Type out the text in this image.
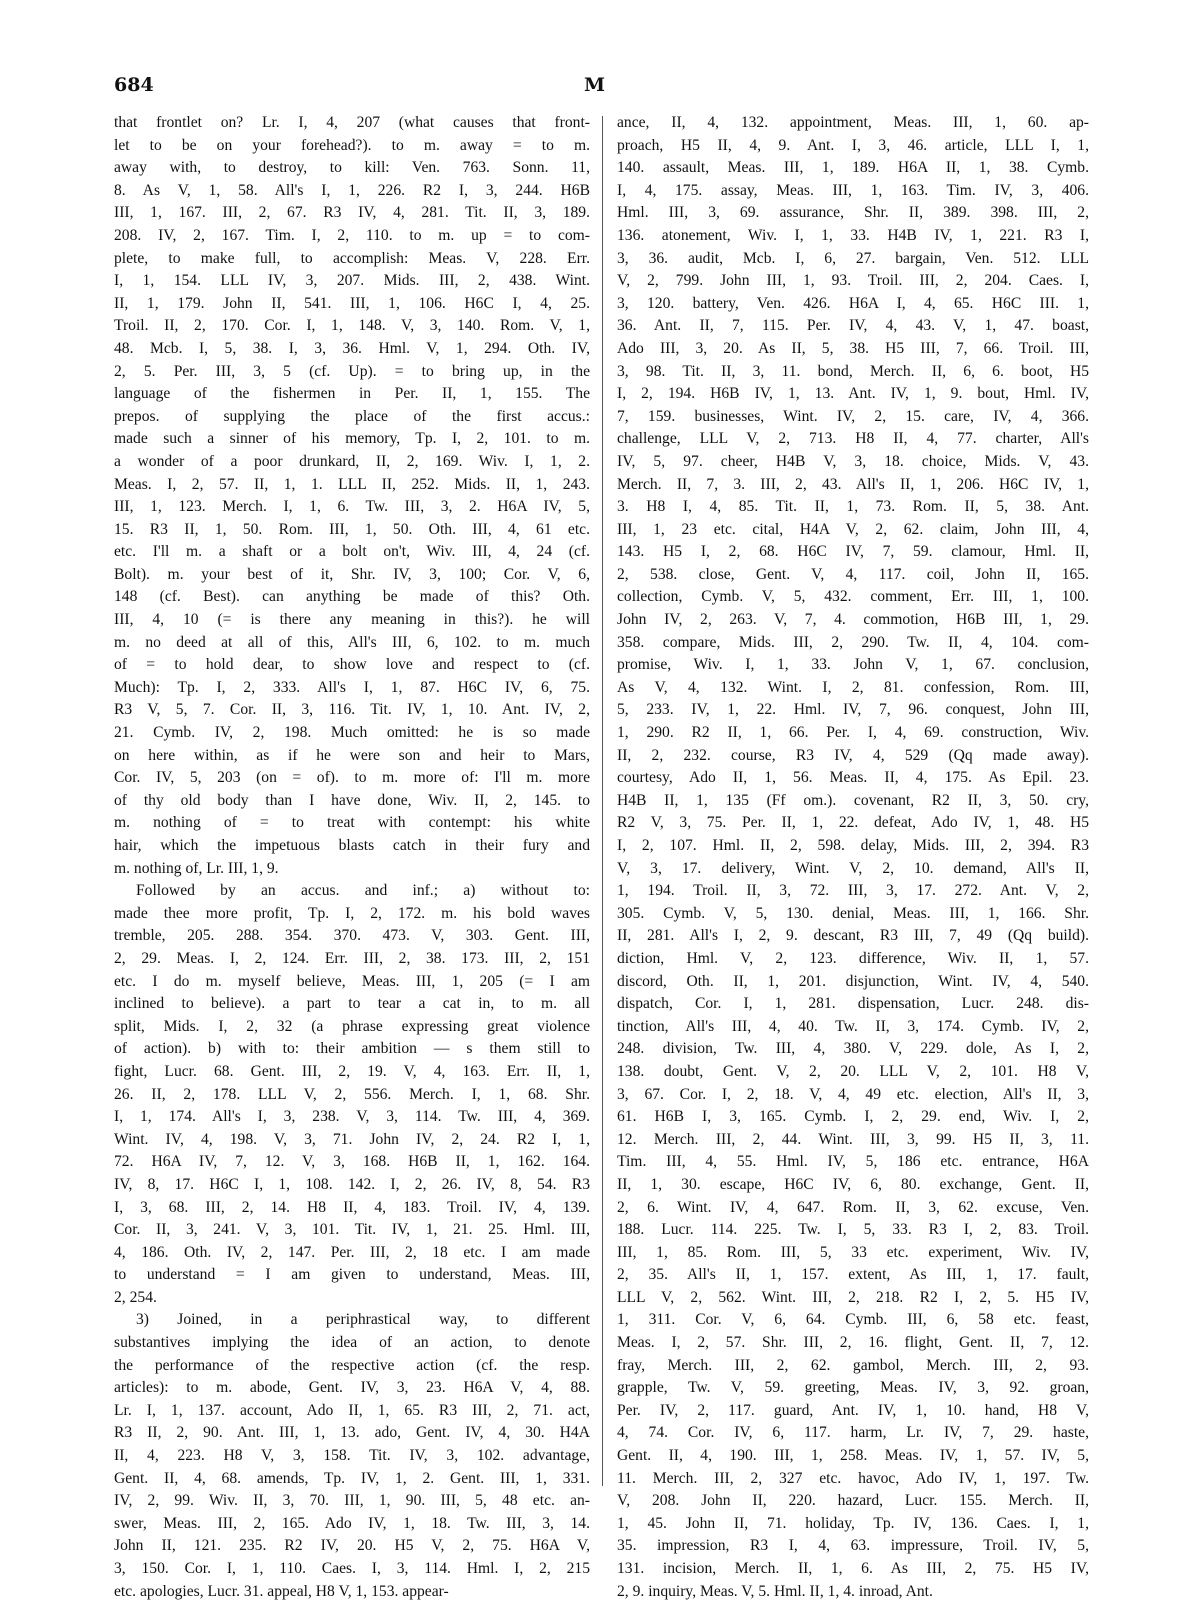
684	M
that frontlet on? Lr. I, 4, 207 (what causes that front-
let to be on your forehead?). to m. away = to m.
away with, to destroy, to kill: Ven. 763. Sonn. 11,
8. As V, 1, 58. All's I, 1, 226. R2 I, 3, 244. H6B
III, 1, 167. III, 2, 67. R3 IV, 4, 281. Tit. II, 3, 189.
208. IV, 2, 167. Tim. I, 2, 110. to m. up = to com-
plete, to make full, to accomplish: Meas. V, 228. Err.
I, 1, 154. LLL IV, 3, 207. Mids. III, 2, 438. Wint.
II, 1, 179. John II, 541. III, 1, 106. H6C I, 4, 25.
Troil. II, 2, 170. Cor. I, 1, 148. V, 3, 140. Rom. V, 1,
48. Mcb. I, 5, 38. I, 3, 36. Hml. V, 1, 294. Oth. IV,
2, 5. Per. III, 3, 5 (cf. Up). = to bring up, in the
language of the fishermen in Per. II, 1, 155. The
prepos. of supplying the place of the first accus.:
made such a sinner of his memory, Tp. I, 2, 101. to m.
a wonder of a poor drunkard, II, 2, 169. Wiv. I, 1, 2.
Meas. I, 2, 57. II, 1, 1. LLL II, 252. Mids. II, 1, 243.
III, 1, 123. Merch. I, 1, 6. Tw. III, 3, 2. H6A IV, 5,
15. R3 II, 1, 50. Rom. III, 1, 50. Oth. III, 4, 61 etc.
etc. I'll m. a shaft or a bolt on't, Wiv. III, 4, 24 (cf.
Bolt). m. your best of it, Shr. IV, 3, 100; Cor. V, 6,
148 (cf. Best). can anything be made of this? Oth.
III, 4, 10 (= is there any meaning in this?). he will
m. no deed at all of this, All's III, 6, 102. to m. much
of = to hold dear, to show love and respect to (cf.
Much): Tp. I, 2, 333. All's I, 1, 87. H6C IV, 6, 75.
R3 V, 5, 7. Cor. II, 3, 116. Tit. IV, 1, 10. Ant. IV, 2,
21. Cymb. IV, 2, 198. Much omitted: he is so made
on here within, as if he were son and heir to Mars,
Cor. IV, 5, 203 (on = of). to m. more of: I'll m. more
of thy old body than I have done, Wiv. II, 2, 145. to
m. nothing of = to treat with contempt: his white
hair, which the impetuous blasts catch in their fury and
m. nothing of, Lr. III, 1, 9.
Followed by an accus. and inf.; a) without to:
made thee more profit, Tp. I, 2, 172. m. his bold waves
tremble, 205. 288. 354. 370. 473. V, 303. Gent. III,
2, 29. Meas. I, 2, 124. Err. III, 2, 38. 173. III, 2, 151
etc. I do m. myself believe, Meas. III, 1, 205 (= I am
inclined to believe). a part to tear a cat in, to m. all
split, Mids. I, 2, 32 (a phrase expressing great violence
of action). b) with to: their ambition — s them still to
fight, Lucr. 68. Gent. III, 2, 19. V, 4, 163. Err. II, 1,
26. II, 2, 178. LLL V, 2, 556. Merch. I, 1, 68. Shr.
I, 1, 174. All's I, 3, 238. V, 3, 114. Tw. III, 4, 369.
Wint. IV, 4, 198. V, 3, 71. John IV, 2, 24. R2 I, 1,
72. H6A IV, 7, 12. V, 3, 168. H6B II, 1, 162. 164.
IV, 8, 17. H6C I, 1, 108. 142. I, 2, 26. IV, 8, 54. R3
I, 3, 68. III, 2, 14. H8 II, 4, 183. Troil. IV, 4, 139.
Cor. II, 3, 241. V, 3, 101. Tit. IV, 1, 21. 25. Hml. III,
4, 186. Oth. IV, 2, 147. Per. III, 2, 18 etc. I am made
to understand = I am given to understand, Meas. III,
2, 254.
3) Joined, in a periphrastical way, to different
substantives implying the idea of an action, to denote
the performance of the respective action (cf. the resp.
articles): to m. abode, Gent. IV, 3, 23. H6A V, 4, 88.
Lr. I, 1, 137. account, Ado II, 1, 65. R3 III, 2, 71. act,
R3 II, 2, 90. Ant. III, 1, 13. ado, Gent. IV, 4, 30. H4A
II, 4, 223. H8 V, 3, 158. Tit. IV, 3, 102. advantage,
Gent. II, 4, 68. amends, Tp. IV, 1, 2. Gent. III, 1, 331.
IV, 2, 99. Wiv. II, 3, 70. III, 1, 90. III, 5, 48 etc. an-
swer, Meas. III, 2, 165. Ado IV, 1, 18. Tw. III, 3, 14.
John II, 121. 235. R2 IV, 20. H5 V, 2, 75. H6A V,
3, 150. Cor. I, 1, 110. Caes. I, 3, 114. Hml. I, 2, 215
etc. apologies, Lucr. 31. appeal, H8 V, 1, 153. appear-
ance, II, 4, 132. appointment, Meas. III, 1, 60. ap-
proach, H5 II, 4, 9. Ant. I, 3, 46. article, LLL I, 1,
140. assault, Meas. III, 1, 189. H6A II, 1, 38. Cymb.
I, 4, 175. assay, Meas. III, 1, 163. Tim. IV, 3, 406.
Hml. III, 3, 69. assurance, Shr. II, 389. 398. III, 2,
136. atonement, Wiv. I, 1, 33. H4B IV, 1, 221. R3 I,
3, 36. audit, Mcb. I, 6, 27. bargain, Ven. 512. LLL
V, 2, 799. John III, 1, 93. Troil. III, 2, 204. Caes. I,
3, 120. battery, Ven. 426. H6A I, 4, 65. H6C III. 1,
36. Ant. II, 7, 115. Per. IV, 4, 43. V, 1, 47. boast,
Ado III, 3, 20. As II, 5, 38. H5 III, 7, 66. Troil. III,
3, 98. Tit. II, 3, 11. bond, Merch. II, 6, 6. boot, H5
I, 2, 194. H6B IV, 1, 13. Ant. IV, 1, 9. bout, Hml. IV,
7, 159. businesses, Wint. IV, 2, 15. care, IV, 4, 366.
challenge, LLL V, 2, 713. H8 II, 4, 77. charter, All's
IV, 5, 97. cheer, H4B V, 3, 18. choice, Mids. V, 43.
Merch. II, 7, 3. III, 2, 43. All's II, 1, 206. H6C IV, 1,
3. H8 I, 4, 85. Tit. II, 1, 73. Rom. II, 5, 38. Ant.
III, 1, 23 etc. cital, H4A V, 2, 62. claim, John III, 4,
143. H5 I, 2, 68. H6C IV, 7, 59. clamour, Hml. II,
2, 538. close, Gent. V, 4, 117. coil, John II, 165.
collection, Cymb. V, 5, 432. comment, Err. III, 1, 100.
John IV, 2, 263. V, 7, 4. commotion, H6B III, 1, 29.
358. compare, Mids. III, 2, 290. Tw. II, 4, 104. com-
promise, Wiv. I, 1, 33. John V, 1, 67. conclusion,
As V, 4, 132. Wint. I, 2, 81. confession, Rom. III,
5, 233. IV, 1, 22. Hml. IV, 7, 96. conquest, John III,
1, 290. R2 II, 1, 66. Per. I, 4, 69. construction, Wiv.
II, 2, 232. course, R3 IV, 4, 529 (Qq made away).
courtesy, Ado II, 1, 56. Meas. II, 4, 175. As Epil. 23.
H4B II, 1, 135 (Ff om.). covenant, R2 II, 3, 50. cry,
R2 V, 3, 75. Per. II, 1, 22. defeat, Ado IV, 1, 48. H5
I, 2, 107. Hml. II, 2, 598. delay, Mids. III, 2, 394. R3
V, 3, 17. delivery, Wint. V, 2, 10. demand, All's II,
1, 194. Troil. II, 3, 72. III, 3, 17. 272. Ant. V, 2,
305. Cymb. V, 5, 130. denial, Meas. III, 1, 166. Shr.
II, 281. All's I, 2, 9. descant, R3 III, 7, 49 (Qq build).
diction, Hml. V, 2, 123. difference, Wiv. II, 1, 57.
discord, Oth. II, 1, 201. disjunction, Wint. IV, 4, 540.
dispatch, Cor. I, 1, 281. dispensation, Lucr. 248. dis-
tinction, All's III, 4, 40. Tw. II, 3, 174. Cymb. IV, 2,
248. division, Tw. III, 4, 380. V, 229. dole, As I, 2,
138. doubt, Gent. V, 2, 20. LLL V, 2, 101. H8 V,
3, 67. Cor. I, 2, 18. V, 4, 49 etc. election, All's II, 3,
61. H6B I, 3, 165. Cymb. I, 2, 29. end, Wiv. I, 2,
12. Merch. III, 2, 44. Wint. III, 3, 99. H5 II, 3, 11.
Tim. III, 4, 55. Hml. IV, 5, 186 etc. entrance, H6A
II, 1, 30. escape, H6C IV, 6, 80. exchange, Gent. II,
2, 6. Wint. IV, 4, 647. Rom. II, 3, 62. excuse, Ven.
188. Lucr. 114. 225. Tw. I, 5, 33. R3 I, 2, 83. Troil.
III, 1, 85. Rom. III, 5, 33 etc. experiment, Wiv. IV,
2, 35. All's II, 1, 157. extent, As III, 1, 17. fault,
LLL V, 2, 562. Wint. III, 2, 218. R2 I, 2, 5. H5 IV,
1, 311. Cor. V, 6, 64. Cymb. III, 6, 58 etc. feast,
Meas. I, 2, 57. Shr. III, 2, 16. flight, Gent. II, 7, 12.
fray, Merch. III, 2, 62. gambol, Merch. III, 2, 93.
grapple, Tw. V, 59. greeting, Meas. IV, 3, 92. groan,
Per. IV, 2, 117. guard, Ant. IV, 1, 10. hand, H8 V,
4, 74. Cor. IV, 6, 117. harm, Lr. IV, 7, 29. haste,
Gent. II, 4, 190. III, 1, 258. Meas. IV, 1, 57. IV, 5,
11. Merch. III, 2, 327 etc. havoc, Ado IV, 1, 197. Tw.
V, 208. John II, 220. hazard, Lucr. 155. Merch. II,
1, 45. John II, 71. holiday, Tp. IV, 136. Caes. I, 1,
35. impression, R3 I, 4, 63. impressure, Troil. IV, 5,
131. incision, Merch. II, 1, 6. As III, 2, 75. H5 IV,
2, 9. inquiry, Meas. V, 5. Hml. II, 1, 4. inroad, Ant.
